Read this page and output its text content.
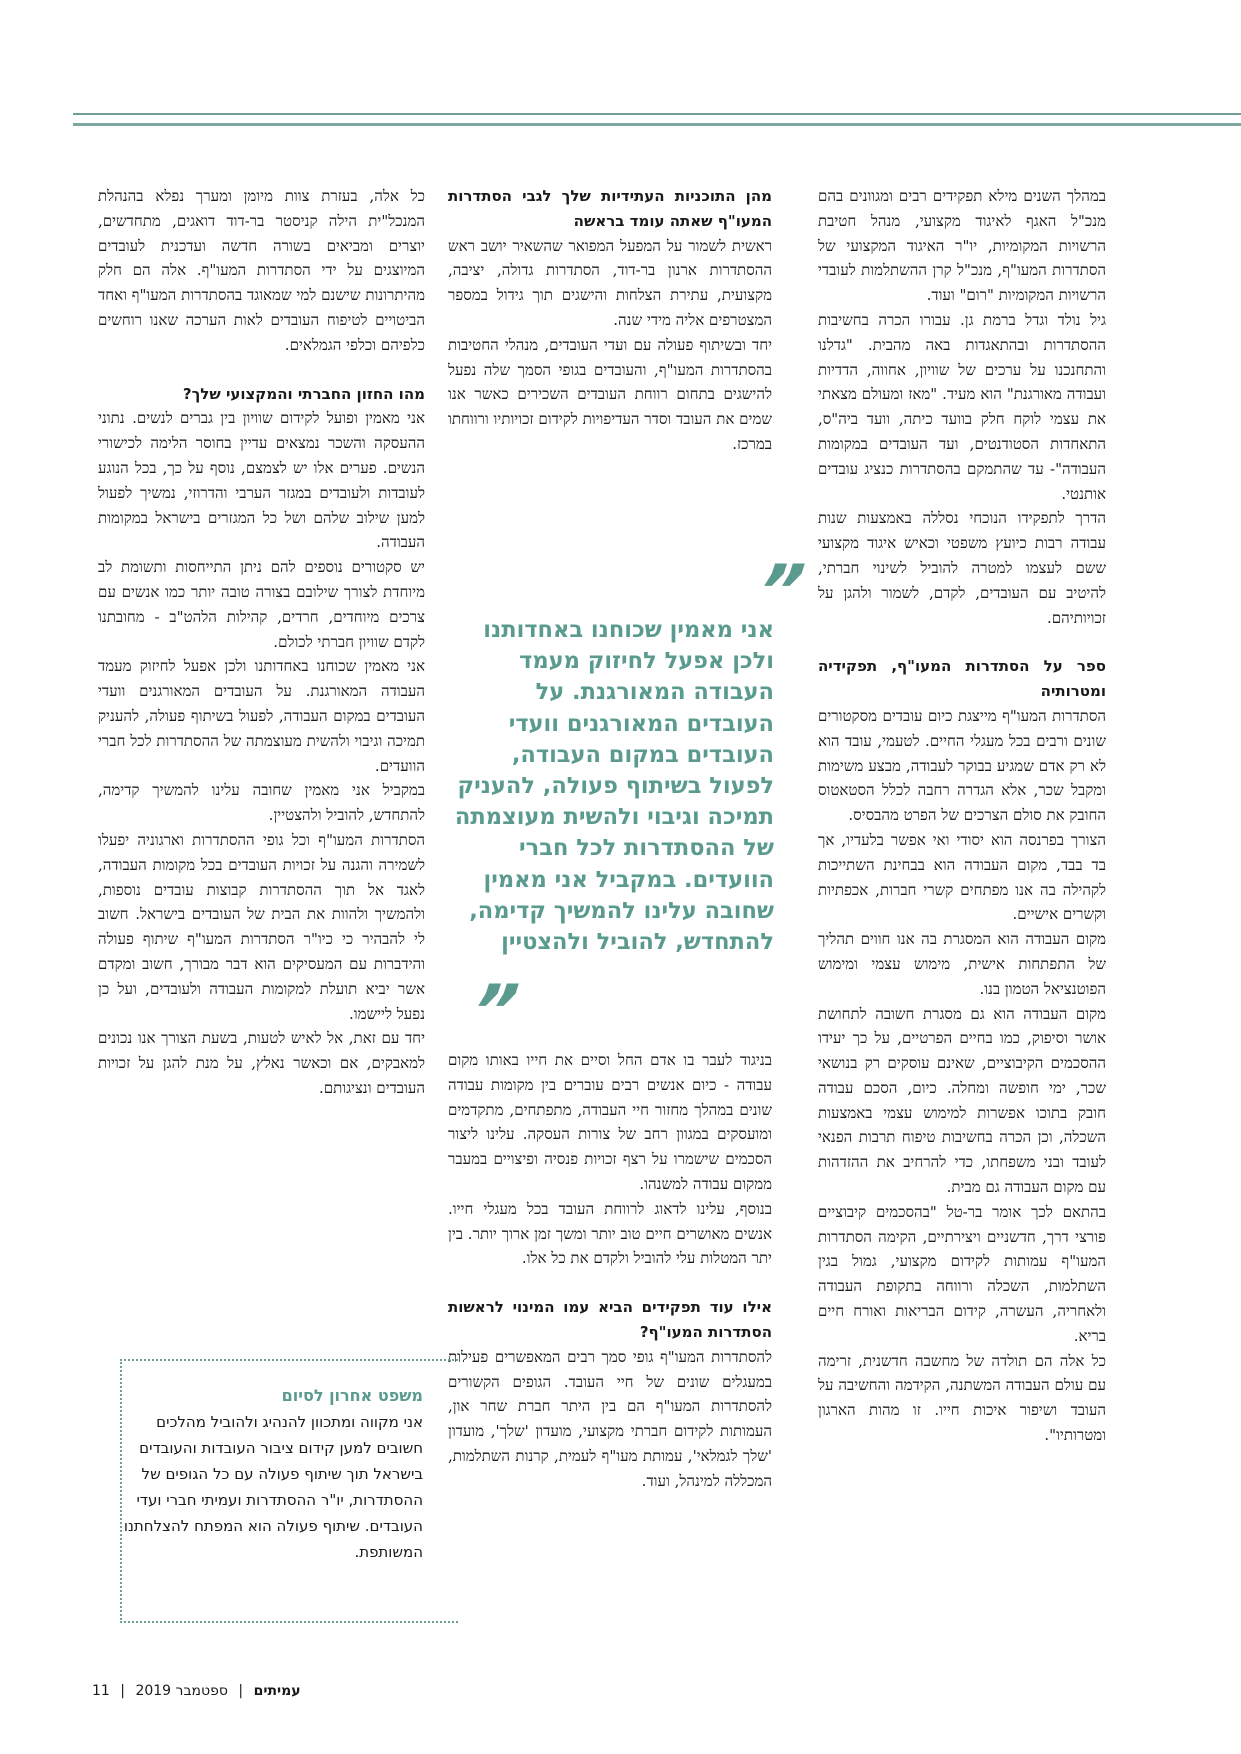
במהלך השנים מילא תפקידים רבים ומגוונים בהם מנכ"ל האגף לאיגוד מקצועי, מנהל חטיבת הרשויות המקומיות, יו"ר האיגוד המקצועי של הסתדרות המעו"ף, מנכ"ל קרן ההשתלמות לעובדי הרשויות המקומיות "רום" ועוד.

גיל נולד וגדל ברמת גן. עבורו הכרה בחשיבות ההסתדרות ובהתאגדות באה מהבית. "גדלנו והתחנכנו על ערכים של שוויון, אחווה, הדדיות ועבודה מאורגנת" הוא מעיד. "מאז ומעולם מצאתי את עצמי לוקח חלק בוועד כיתה, וועד ביה"ס, התאחדות הסטודנטים, ועד העובדים במקומות העבודה"- עד שהתמקם בהסתדרות כנציג עובדים אותנטי.

הדרך לתפקידו הנוכחי נסללה באמצעות שנות עבודה רבות כיועץ משפטי וכאיש איגוד מקצועי ששם לעצמו למטרה להוביל לשינוי חברתי, להיטיב עם העובדים, לקדם, לשמור ולהגן על זכויותיהם.

ספר על הסתדרות המעו"ף, תפקידיה ומטרותיה

הסתדרות המעו"ף מייצגת כיום עובדים מסקטורים שונים ורבים בכל מעגלי החיים. לטעמי, עובד הוא לא רק אדם שמגיע בבוקר לעבודה, מבצע משימות ומקבל שכר, אלא הגדרה רחבה לכלל הסטאטוס החובק את סולם הצרכים של הפרט מהבסיס.

הצורך בפרנסה הוא יסודי ואי אפשר בלעדיו, אך בד בבד, מקום העבודה הוא בבחינת השתייכות לקהילה בה אנו מפתחים קשרי חברות, אכפתיות וקשרים אישיים.

מקום העבודה הוא המסגרת בה אנו חווים תהליך של התפתחות אישית, מימוש עצמי ומימוש הפוטנציאל הטמון בנו.

מקום העבודה הוא גם מסגרת חשובה לתחושת אושר וסיפוק, כמו בחיים הפרטיים, על כך יעידו ההסכמים הקיבוציים, שאינם עוסקים רק בנושאי שכר, ימי חופשה ומחלה. כיום, הסכם עבודה חובק בתוכו אפשרות למימוש עצמי באמצעות השכלה, וכן הכרה בחשיבות טיפוח תרבות הפנאי לעובד ובני משפחתו, כדי להרחיב את ההזדהות עם מקום העבודה גם מבית.

בהתאם לכך אומר בר-טל "בהסכמים קיבוציים פורצי דרך, חדשניים ויצירתיים, הקימה הסתדרות המעו"ף עמותות לקידום מקצועי, גמול בגין השתלמות, השכלה ורווחה בתקופת העבודה ולאחריה, העשרה, קידום הבריאות ואורח חיים בריא.

כל אלה הם תולדה של מחשבה חדשנית, זרימה עם עולם העבודה המשתנה, הקידמה והחשיבה על העובד ושיפור איכות חייו. זו מהות הארגון ומטרותיו".

מהן התוכניות העתידיות שלך לגבי הסתדרות המעו"ף שאתה עומד בראשה

ראשית לשמור על המפעל המפואר שהשאיר יושב ראש ההסתדרות ארנון בר-דוד, הסתדרות גדולה, יציבה, מקצועית, עתירת הצלחות והישגים תוך גידול במספר המצטרפים אליה מידי שנה.

יחד ובשיתוף פעולה עם ועדי העובדים, מנהלי החטיבות בהסתדרות המעו"ף, והעובדים בגופי הסמך שלה נפעל להישגים בתחום רווחת העובדים השכירים כאשר אנו שמים את העובד וסדר העדיפויות לקידום זכויותיו ורווחתו במרכז.

”
אני מאמין שכוחנו באחדותנו ולכן אפעל לחיזוק מעמד העבודה המאורגנת. על העובדים המאורגנים וועדי העובדים במקום העבודה, לפעול בשיתוף פעולה, להעניק תמיכה וגיבוי ולהשית מעוצמתה של ההסתדרות לכל חברי הוועדים. במקביל אני מאמין שחובה עלינו להמשיך קדימה, להתחדש, להוביל ולהצטיין
”

בניגוד לעבר בו אדם החל וסיים את חייו באותו מקום עבודה - כיום אנשים רבים עוברים בין מקומות עבודה שונים במהלך מחזור חיי העבודה, מתפתחים, מתקדמים ומועסקים במגוון רחב של צורות העסקה. עלינו ליצור הסכמים שישמרו על רצף זכויות פנסיה ופיצויים במעבר ממקום עבודה למשנהו.

בנוסף, עלינו לדאוג לרווחת העובד בכל מעגלי חייו. אנשים מאושרים חיים טוב יותר ומשך זמן ארוך יותר. בין יתר המטלות עלי להוביל ולקדם את כל אלו.

אילו עוד תפקידים הביא עמו המינוי לראשות הסתדרות המעו"ף?

להסתדרות המעו"ף גופי סמך רבים המאפשרים פעילות במעגלים שונים של חיי העובד. הגופים הקשורים להסתדרות המעו"ף הם בין היתר חברת שחר און, העמותות לקידום חברתי מקצועי, מועדון 'שלך', מועדון 'שלך לגמלאי', עמותת מעו"ף לעמית, קרנות השתלמות, המכללה למינהל, ועוד.

כל אלה, בעזרת צוות מיומן ומערך נפלא בהנהלת המנכל"ית הילה קניסטר בר-דוד דואגים, מתחדשים, יוצרים ומביאים בשורה חדשה ועדכנית לעובדים המיוצגים על ידי הסתדרות המעו"ף. אלה הם חלק מהיתרונות שישנם למי שמאוגד בהסתדרות המעו"ף ואחד הביטויים לטיפוח העובדים לאות הערכה שאנו רוחשים כלפיהם וכלפי הגמלאים.

מהו החזון החברתי והמקצועי שלך?

אני מאמין ופועל לקידום שוויון בין גברים לנשים. נתוני ההעסקה והשכר נמצאים עדיין בחוסר הלימה לכישורי הנשים. פערים אלו יש לצמצם, נוסף על כך, בכל הנוגע לעובדות ולעובדים במגזר הערבי והדרוזי, נמשיך לפעול למען שילוב שלהם ושל כל המגזרים בישראל במקומות העבודה.

יש סקטורים נוספים להם ניתן התייחסות ותשומת לב מיוחדת לצורך שילובם בצורה טובה יותר כמו אנשים עם צרכים מיוחדים, חרדים, קהילות הלהט"ב - מחובתנו לקדם שוויון חברתי לכולם.

אני מאמין שכוחנו באחדותנו ולכן אפעל לחיזוק מעמד העבודה המאורגנת. על העובדים המאורגנים וועדי העובדים במקום העבודה, לפעול בשיתוף פעולה, להעניק תמיכה וגיבוי ולהשית מעוצמתה של ההסתדרות לכל חברי הוועדים.

במקביל אני מאמין שחובה עלינו להמשיך קדימה, להתחדש, להוביל ולהצטיין.

הסתדרות המעו"ף וכל גופי ההסתדרות וארגוניה יפעלו לשמירה והגנה על זכויות העובדים בכל מקומות העבודה, לאגד אל תוך ההסתדרות קבוצות עובדים נוספות, ולהמשיך ולהוות את הבית של העובדים בישראל. חשוב לי להבהיר כי כיו"ר הסתדרות המעו"ף שיתוף פעולה והידברות עם המעסיקים הוא דבר מבורך, חשוב ומקדם אשר יביא תועלת למקומות העבודה ולעובדים, ועל כן נפעל ליישמו.

יחד עם זאת, אל לאיש לטעות, בשעת הצורך אנו נכונים למאבקים, אם וכאשר נאלץ, על מנת להגן על זכויות העובדים ונציגותם.

משפט אחרון לסיום
אני מקווה ומתכוון להנהיג ולהוביל מהלכים חשובים למען קידום ציבור העובדות והעובדים בישראל תוך שיתוף פעולה עם כל הגופים של ההסתדרות, יו"ר ההסתדרות ועמיתי חברי ועדי העובדים. שיתוף פעולה הוא המפתח להצלחתנו המשותפת.
עמיתים | ספטמבר 2019 | 11
